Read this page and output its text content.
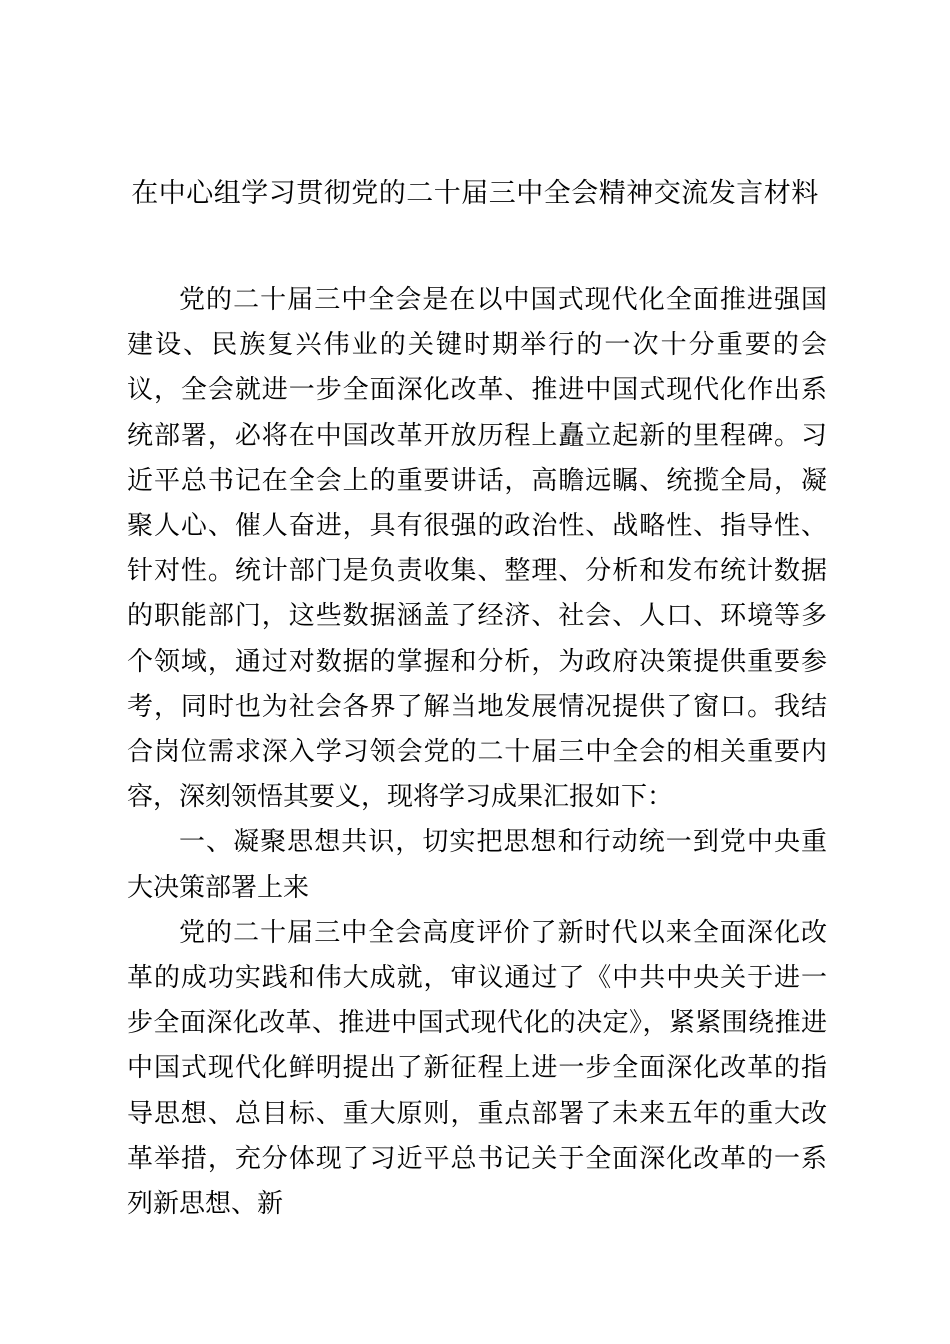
在中心组学习贯彻党的二十届三中全会精神交流发言材料

党的二十届三中全会是在以中国式现代化全面推进强国建设、民族复兴伟业的关键时期举行的一次十分重要的会议，全会就进一步全面深化改革、推进中国式现代化作出系统部署，必将在中国改革开放历程上矗立起新的里程碑。习近平总书记在全会上的重要讲话，高瞻远瞩、统揽全局，凝聚人心、催人奋进，具有很强的政治性、战略性、指导性、针对性。统计部门是负责收集、整理、分析和发布统计数据的职能部门，这些数据涵盖了经济、社会、人口、环境等多个领域，通过对数据的掌握和分析，为政府决策提供重要参考，同时也为社会各界了解当地发展情况提供了窗口。我结合岗位需求深入学习领会党的二十届三中全会的相关重要内容，深刻领悟其要义，现将学习成果汇报如下：

一、凝聚思想共识，切实把思想和行动统一到党中央重大决策部署上来

党的二十届三中全会高度评价了新时代以来全面深化改革的成功实践和伟大成就，审议通过了《中共中央关于进一步全面深化改革、推进中国式现代化的决定》，紧紧围绕推进中国式现代化鲜明提出了新征程上进一步全面深化改革的指导思想、总目标、重大原则，重点部署了未来五年的重大改革举措，充分体现了习近平总书记关于全面深化改革的一系列新思想、新
